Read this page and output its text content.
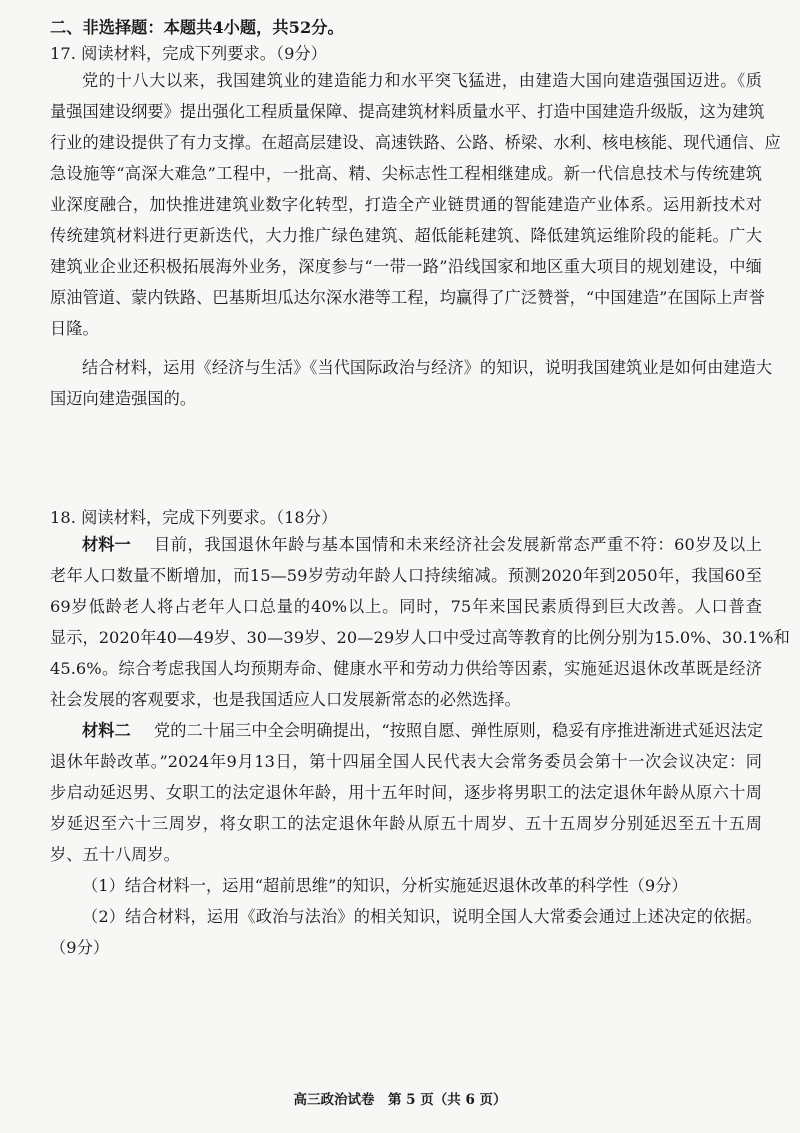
二、非选择题：本题共4小题，共52分。
17. 阅读材料，完成下列要求。（9分）
党的十八大以来，我国建筑业的建造能力和水平突飞猛进，由建造大国向建造强国迈进。《质
量强国建设纲要》提出强化工程质量保障、提高建筑材料质量水平、打造中国建造升级版，这为建筑
行业的建设提供了有力支撑。在超高层建设、高速铁路、公路、桥梁、水利、核电核能、现代通信、应
急设施等“高深大难急”工程中，一批高、精、尖标志性工程相继建成。新一代信息技术与传统建筑
业深度融合，加快推进建筑业数字化转型，打造全产业链贯通的智能建造产业体系。运用新技术对
传统建筑材料进行更新迭代，大力推广绿色建筑、超低能耗建筑、降低建筑运维阶段的能耗。广大
建筑业企业还积极拓展海外业务，深度参与“一带一路”沿线国家和地区重大项目的规划建设，中缅
原油管道、蒙内铁路、巴基斯坦瓜达尔深水港等工程，均赢得了广泛赞誉，“中国建造”在国际上声誉
日隆。
结合材料，运用《经济与生活》《当代国际政治与经济》的知识，说明我国建筑业是如何由建造大
国迈向建造强国的。
18. 阅读材料，完成下列要求。（18分）
材料一	目前，我国退休年龄与基本国情和未来经济社会发展新常态严重不符：60岁及以上
老年人口数量不断增加，而15—59岁劳动年龄人口持续缩减。预测2020年到2050年，我国60至
69岁低龄老人将占老年人口总量的40%以上。同时，75年来国民素质得到巨大改善。人口普查
显示，2020年40—49岁、30—39岁、20—29岁人口中受过高等教育的比例分别为15.0%、30.1%和
45.6%。综合考虑我国人均预期寿命、健康水平和劳动力供给等因素，实施延迟退休改革既是经济
社会发展的客观要求，也是我国适应人口发展新常态的必然选择。
材料二	党的二十届三中全会明确提出，“按照自愿、弹性原则，稳妥有序推进渐进式延迟法定
退休年龄改革。”2024年9月13日，第十四届全国人民代表大会常务委员会第十一次会议决定：同
步启动延迟男、女职工的法定退休年龄，用十五年时间，逐步将男职工的法定退休年龄从原六十周
岁延迟至六十三周岁，将女职工的法定退休年龄从原五十周岁、五十五周岁分别延迟至五十五周
岁、五十八周岁。
（1）结合材料一，运用“超前思维”的知识，分析实施延迟退休改革的科学性（9分）
（2）结合材料，运用《政治与法治》的相关知识，说明全国人大常委会通过上述决定的依据。
（9分）
高三政治试卷　第 5 页（共 6 页）
